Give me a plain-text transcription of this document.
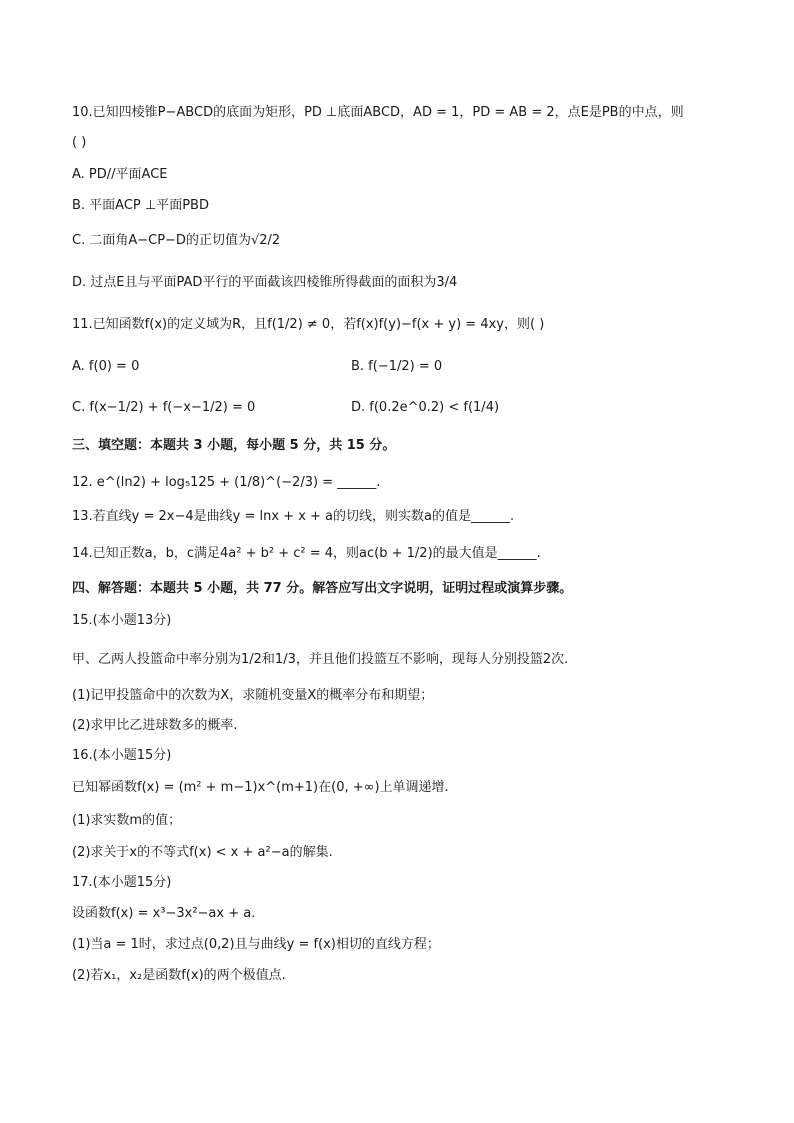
10.已知四棱锥P−ABCD的底面为矩形，PD ⊥底面ABCD，AD = 1，PD = AB = 2，点E是PB的中点，则
( )
A. PD//平面ACE
B. 平面ACP ⊥平面PBD
C. 二面角A−CP−D的正切值为√2/2
D. 过点E且与平面PAD平行的平面截该四棱锥所得截面的面积为3/4
11.已知函数f(x)的定义域为R，且f(1/2) ≠ 0，若f(x)f(y)−f(x + y) = 4xy，则( )
A. f(0) = 0	B. f(−1/2) = 0
C. f(x−1/2) + f(−x−1/2) = 0	D. f(0.2e^0.2) < f(1/4)
三、填空题：本题共 3 小题，每小题 5 分，共 15 分。
12. e^(ln2) + log₅125 + (1/8)^(−2/3) = ______.
13.若直线y = 2x−4是曲线y = lnx + x + a的切线，则实数a的值是______.
14.已知正数a，b，c满足4a² + b² + c² = 4，则ac(b + 1/2)的最大值是______.
四、解答题：本题共 5 小题，共 77 分。解答应写出文字说明，证明过程或演算步骤。
15.(本小题13分)
甲、乙两人投篮命中率分别为1/2和1/3，并且他们投篮互不影响，现每人分别投篮2次.
(1)记甲投篮命中的次数为X，求随机变量X的概率分布和期望；
(2)求甲比乙进球数多的概率.
16.(本小题15分)
已知幂函数f(x) = (m² + m−1)x^(m+1)在(0, +∞)上单调递增.
(1)求实数m的值；
(2)求关于x的不等式f(x) < x + a²−a的解集.
17.(本小题15分)
设函数f(x) = x³−3x²−ax + a.
(1)当a = 1时，求过点(0,2)且与曲线y = f(x)相切的直线方程；
(2)若x₁，x₂是函数f(x)的两个极值点.
